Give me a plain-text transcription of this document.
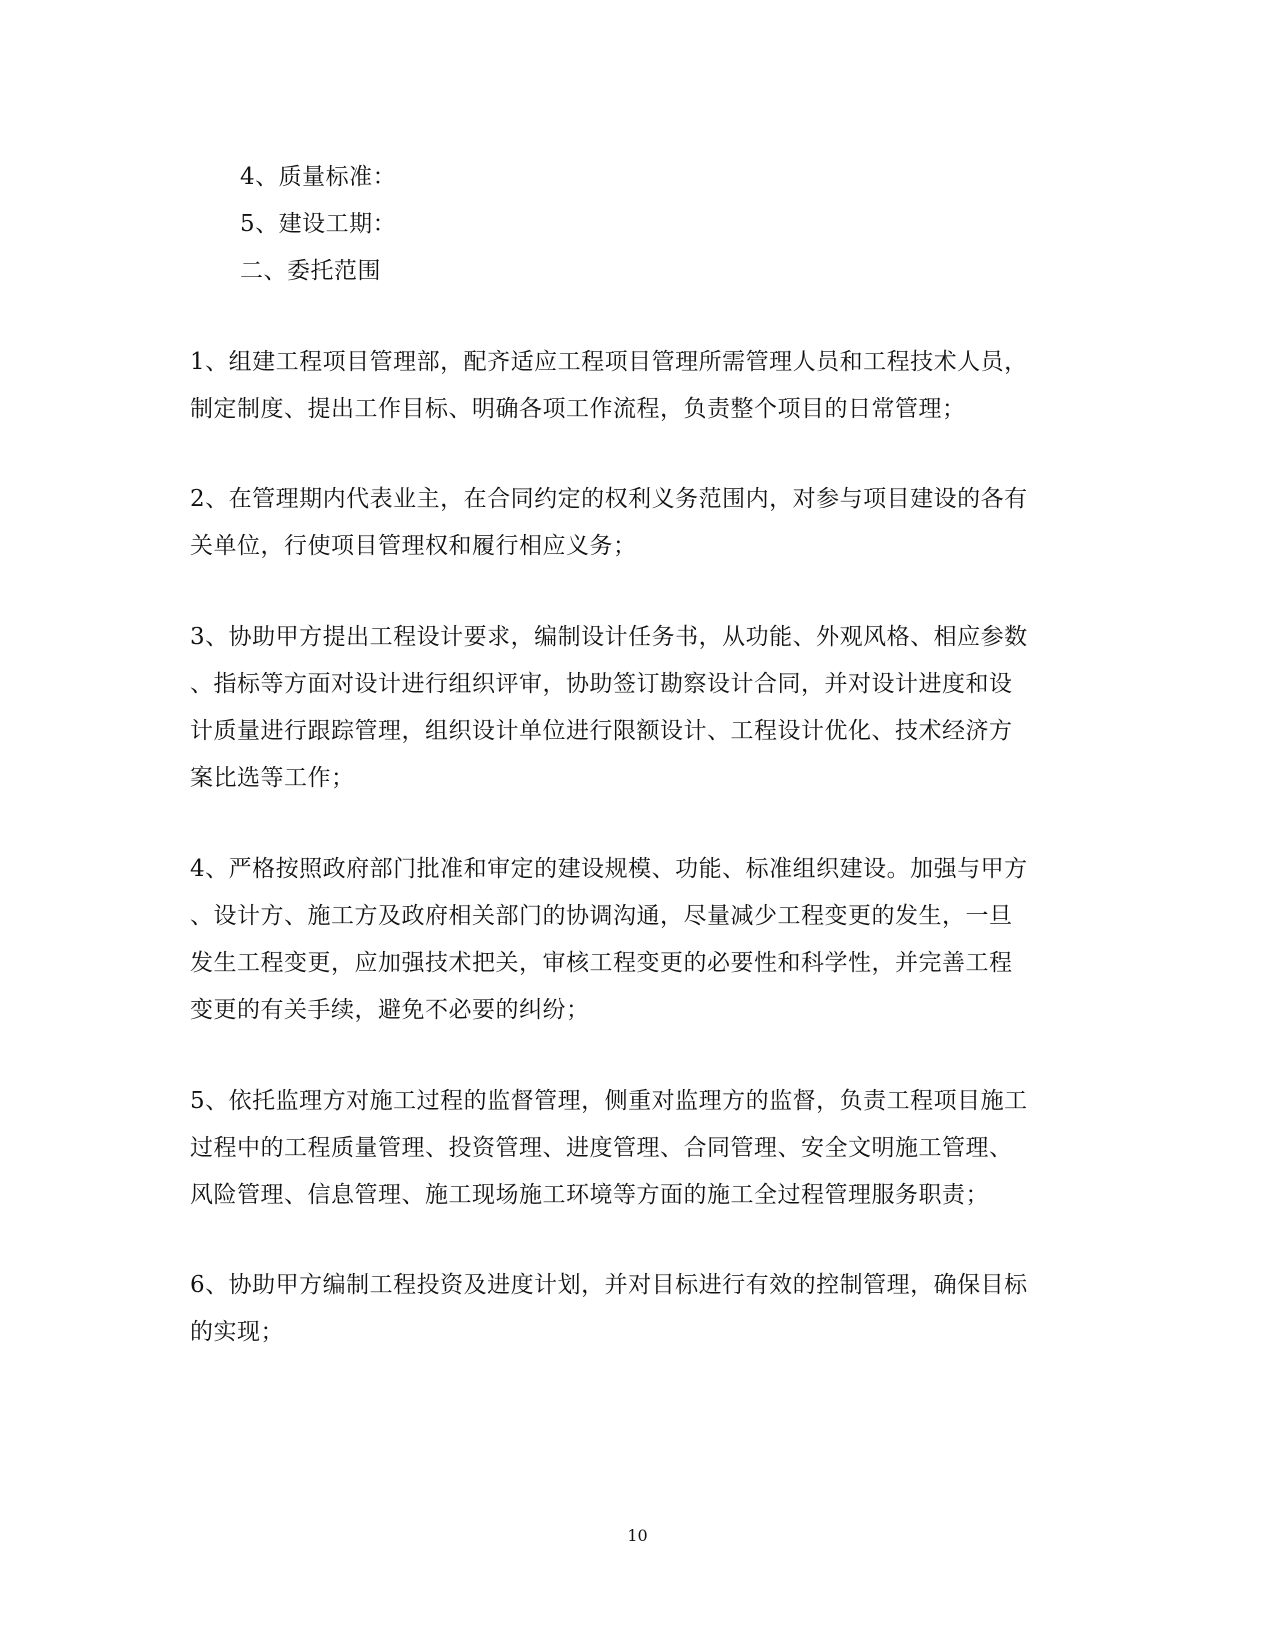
4、质量标准：
5、建设工期：
二、委托范围
1、组建工程项目管理部，配齐适应工程项目管理所需管理人员和工程技术人员，
制定制度、提出工作目标、明确各项工作流程，负责整个项目的日常管理；
2、在管理期内代表业主，在合同约定的权利义务范围内，对参与项目建设的各有
关单位，行使项目管理权和履行相应义务；
3、协助甲方提出工程设计要求，编制设计任务书，从功能、外观风格、相应参数
、指标等方面对设计进行组织评审，协助签订勘察设计合同，并对设计进度和设
计质量进行跟踪管理，组织设计单位进行限额设计、工程设计优化、技术经济方
案比选等工作；
4、严格按照政府部门批准和审定的建设规模、功能、标准组织建设。加强与甲方
、设计方、施工方及政府相关部门的协调沟通，尽量减少工程变更的发生，一旦
发生工程变更，应加强技术把关，审核工程变更的必要性和科学性，并完善工程
变更的有关手续，避免不必要的纠纷；
5、依托监理方对施工过程的监督管理，侧重对监理方的监督，负责工程项目施工
过程中的工程质量管理、投资管理、进度管理、合同管理、安全文明施工管理、
风险管理、信息管理、施工现场施工环境等方面的施工全过程管理服务职责；
6、协助甲方编制工程投资及进度计划，并对目标进行有效的控制管理，确保目标
的实现；
10
